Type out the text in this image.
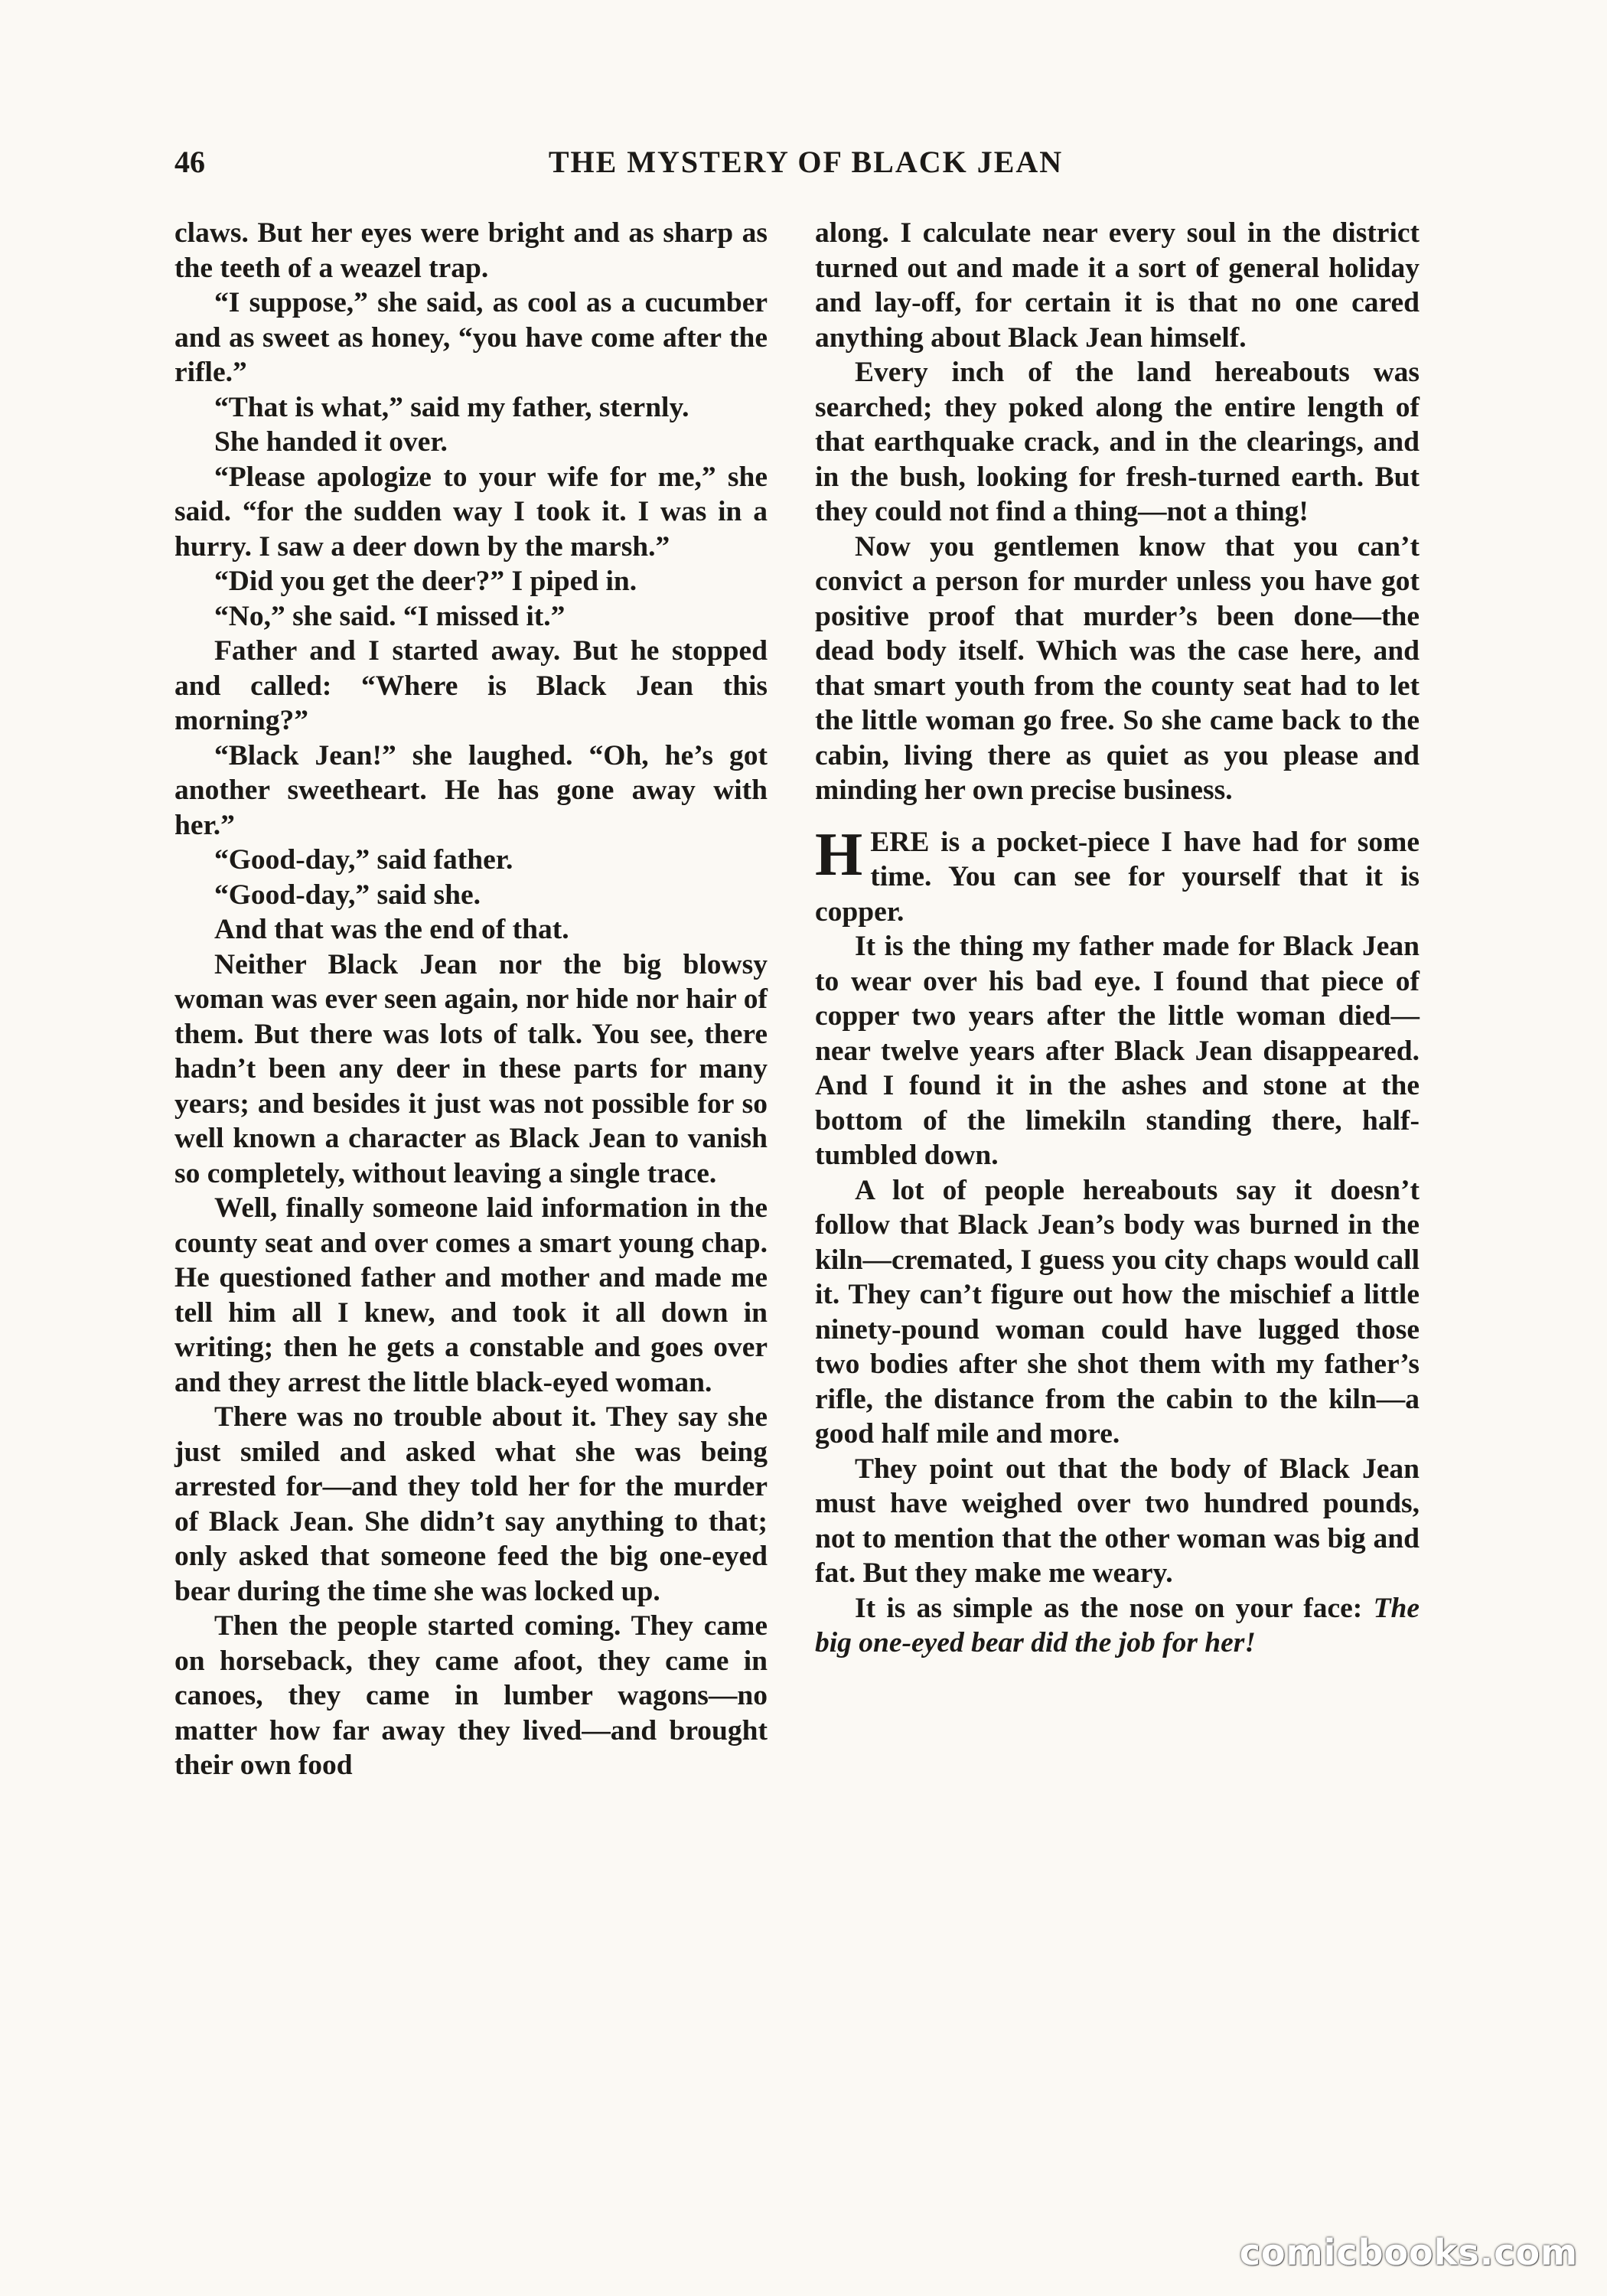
46	THE MYSTERY OF BLACK JEAN

claws. But her eyes were bright and as sharp as the teeth of a weazel trap.

“I suppose,” she said, as cool as a cucumber and as sweet as honey, “you have come after the rifle.”

“That is what,” said my father, sternly.

She handed it over.

“Please apologize to your wife for me,” she said. “for the sudden way I took it. I was in a hurry. I saw a deer down by the marsh.”

“Did you get the deer?” I piped in.

“No,” she said. “I missed it.”

Father and I started away. But he stopped and called: “Where is Black Jean this morning?”

“Black Jean!” she laughed. “Oh, he’s got another sweetheart. He has gone away with her.”

“Good-day,” said father.

“Good-day,” said she.

And that was the end of that.

Neither Black Jean nor the big blowsy woman was ever seen again, nor hide nor hair of them. But there was lots of talk. You see, there hadn’t been any deer in these parts for many years; and besides it just was not possible for so well known a character as Black Jean to vanish so completely, without leaving a single trace.

Well, finally someone laid information in the county seat and over comes a smart young chap. He questioned father and mother and made me tell him all I knew, and took it all down in writing; then he gets a constable and goes over and they arrest the little black-eyed woman.

There was no trouble about it. They say she just smiled and asked what she was being arrested for—and they told her for the murder of Black Jean. She didn’t say anything to that; only asked that someone feed the big one-eyed bear during the time she was locked up.

Then the people started coming. They came on horseback, they came afoot, they came in canoes, they came in lumber wagons—no matter how far away they lived—and brought their own food

along. I calculate near every soul in the district turned out and made it a sort of general holiday and lay-off, for certain it is that no one cared anything about Black Jean himself.

Every inch of the land hereabouts was searched; they poked along the entire length of that earthquake crack, and in the clearings, and in the bush, looking for fresh-turned earth. But they could not find a thing—not a thing!

Now you gentlemen know that you can’t convict a person for murder unless you have got positive proof that murder’s been done—the dead body itself. Which was the case here, and that smart youth from the county seat had to let the little woman go free. So she came back to the cabin, living there as quiet as you please and minding her own precise business.

HERE is a pocket-piece I have had for some time. You can see for yourself that it is copper.

It is the thing my father made for Black Jean to wear over his bad eye. I found that piece of copper two years after the little woman died—near twelve years after Black Jean disappeared. And I found it in the ashes and stone at the bottom of the limekiln standing there, half-tumbled down.

A lot of people hereabouts say it doesn’t follow that Black Jean’s body was burned in the kiln—cremated, I guess you city chaps would call it. They can’t figure out how the mischief a little ninety-pound woman could have lugged those two bodies after she shot them with my father’s rifle, the distance from the cabin to the kiln—a good half mile and more.

They point out that the body of Black Jean must have weighed over two hundred pounds, not to mention that the other woman was big and fat. But they make me weary.

It is as simple as the nose on your face: The big one-eyed bear did the job for her!

comicbooks.com
